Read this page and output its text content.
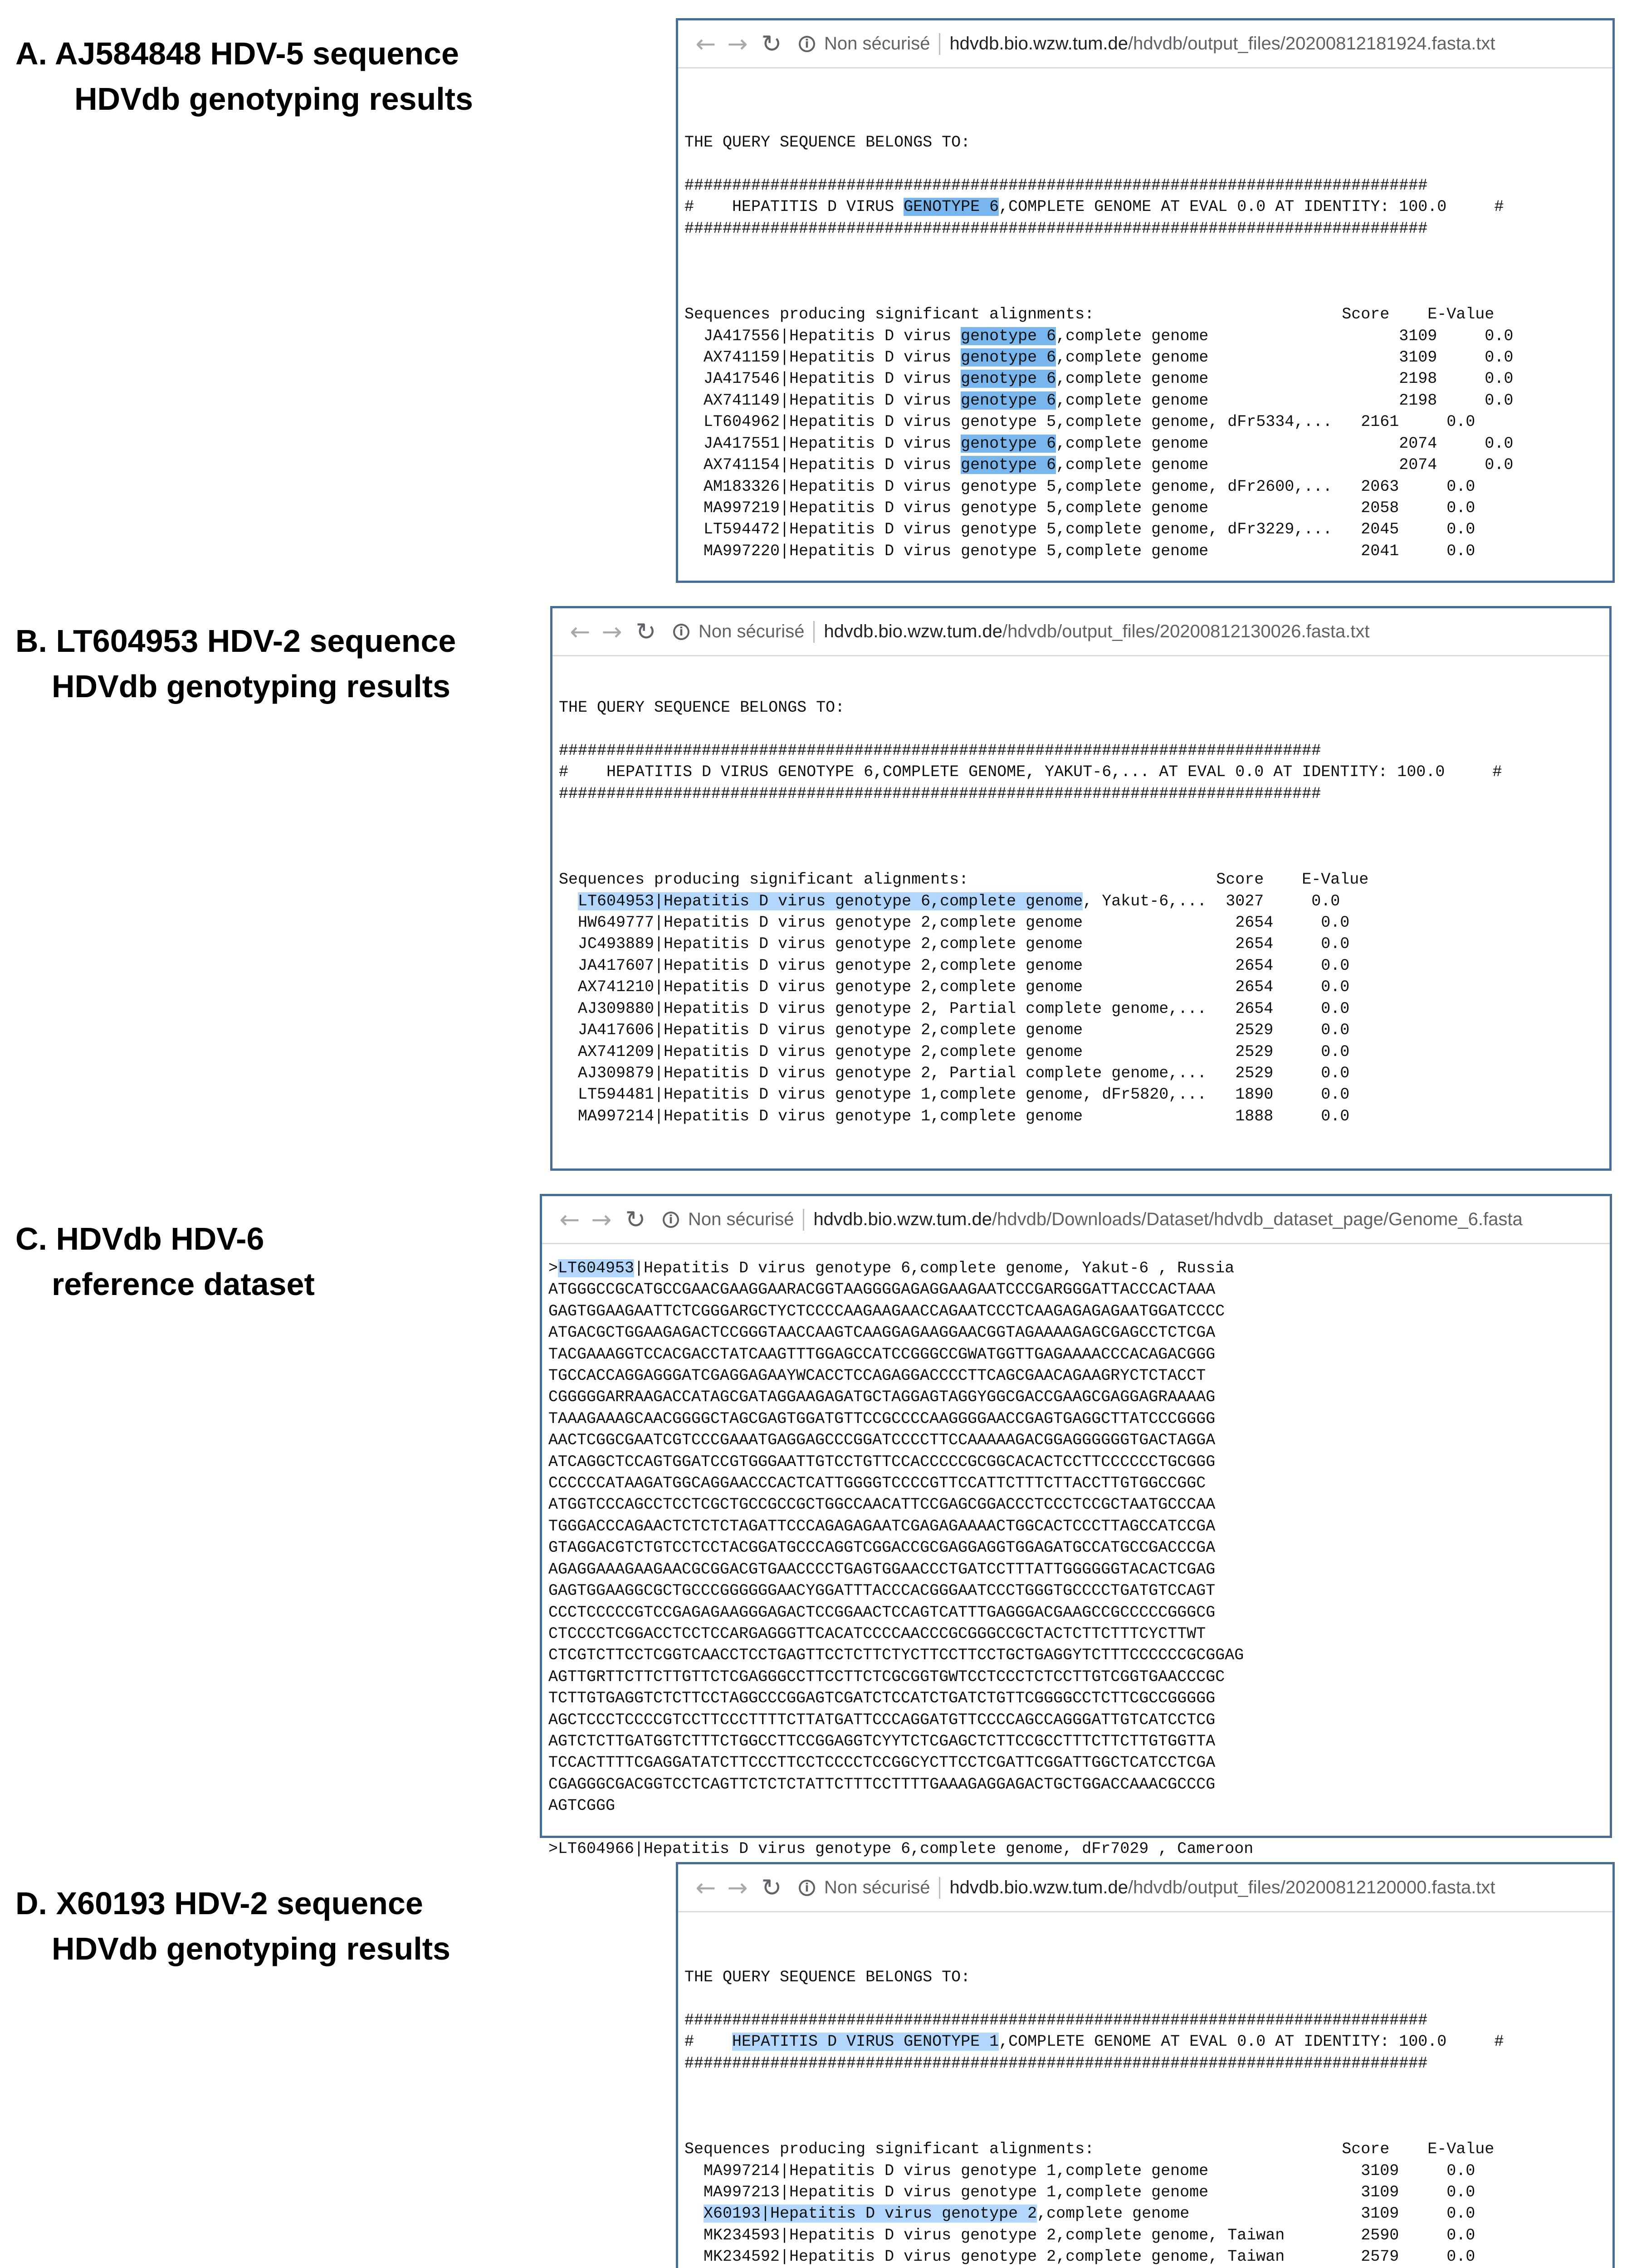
A. AJ584848 HDV-5 sequence
HDVdb genotyping results
← → ↻	i Non sécurisé hdvdb.bio.wzw.tum.de /hdvdb/output_files/20200812181924.fasta.txt
THE QUERY SEQUENCE BELONGS TO:

##############################################################################
#    HEPATITIS D VIRUS GENOTYPE 6,COMPLETE GENOME AT EVAL 0.0 AT IDENTITY: 100.0     #
##############################################################################

Sequences producing significant alignments:                          Score    E-Value
JA417556|Hepatitis D virus genotype 6,complete genome                    3109     0.0
AX741159|Hepatitis D virus genotype 6,complete genome                    3109     0.0
JA417546|Hepatitis D virus genotype 6,complete genome                    2198     0.0
AX741149|Hepatitis D virus genotype 6,complete genome                    2198     0.0
LT604962|Hepatitis D virus genotype 5,complete genome, dFr5334,...   2161     0.0
JA417551|Hepatitis D virus genotype 6,complete genome                    2074     0.0
AX741154|Hepatitis D virus genotype 6,complete genome                    2074     0.0
AM183326|Hepatitis D virus genotype 5,complete genome, dFr2600,...   2063     0.0
MA997219|Hepatitis D virus genotype 5,complete genome                2058     0.0
LT594472|Hepatitis D virus genotype 5,complete genome, dFr3229,...   2045     0.0
MA997220|Hepatitis D virus genotype 5,complete genome                2041     0.0
B. LT604953 HDV-2 sequence
HDVdb genotyping results
← → ↻	i Non sécurisé hdvdb.bio.wzw.tum.de /hdvdb/output_files/20200812130026.fasta.txt
THE QUERY SEQUENCE BELONGS TO:

################################################################################
#    HEPATITIS D VIRUS GENOTYPE 6,COMPLETE GENOME, YAKUT-6,... AT EVAL 0.0 AT IDENTITY: 100.0     #
################################################################################

Sequences producing significant alignments:                          Score    E-Value
LT604953|Hepatitis D virus genotype 6,complete genome, Yakut-6,...  3027     0.0
HW649777|Hepatitis D virus genotype 2,complete genome                2654     0.0
JC493889|Hepatitis D virus genotype 2,complete genome                2654     0.0
JA417607|Hepatitis D virus genotype 2,complete genome                2654     0.0
AX741210|Hepatitis D virus genotype 2,complete genome                2654     0.0
AJ309880|Hepatitis D virus genotype 2, Partial complete genome,...   2654     0.0
JA417606|Hepatitis D virus genotype 2,complete genome                2529     0.0
AX741209|Hepatitis D virus genotype 2,complete genome                2529     0.0
AJ309879|Hepatitis D virus genotype 2, Partial complete genome,...   2529     0.0
LT594481|Hepatitis D virus genotype 1,complete genome, dFr5820,...   1890     0.0
MA997214|Hepatitis D virus genotype 1,complete genome                1888     0.0
C. HDVdb HDV-6
reference dataset
← → ↻	i Non sécurisé hdvdb.bio.wzw.tum.de /hdvdb/Downloads/Dataset/hdvdb_dataset_page/Genome_6.fasta
>LT604953|Hepatitis D virus genotype 6,complete genome, Yakut-6 , Russia
ATGGGCCGCATGCCGAACGAAGGAARACGGTAAGGGGAGAGGAAGAATCCCGARGGGATTACCCACTAAA
GAGTGGAAGAATTCTCGGGARGCTYCTCCCCAAGAAGAACCAGAATCCCTCAAGAGAGAGAATGGATCCCC
ATGACGCTGGAAGAGACTCCGGGTAACCAAGTCAAGGAGAAGGAACGGTAGAAAAGAGCGAGCCTCTCGA
TACGAAAGGTCCACGACCTATCAAGTTTGGAGCCATCCGGGCCGWATGGTTGAGAAAACCCACAGACGGG
TGCCACCAGGAGGGATCGAGGAGAAYWCACCTCCAGAGGACCCCTTCAGCGAACAGAAGRYCTCTACCT
CGGGGGARRAAGACCATAGCGATAGGAAGAGATGCTAGGAGTAGGYGGCGACCGAAGCGAGGAGRAAAAG
TAAAGAAAGCAACGGGGCTAGCGAGTGGATGTTCCGCCCCAAGGGGAACCGAGTGAGGCTTATCCCGGGG
AACTCGGCGAATCGTCCCGAAATGAGGAGCCCGGATCCCCTTCCAAAAAGACGGAGGGGGGTGACTAGGA
ATCAGGCTCCAGTGGATCCGTGGGAATTGTCCTGTTCCACCCCCGCGGCACACTCCTTCCCCCCTGCGGG
CCCCCCATAAGATGGCAGGAACCCACTCATTGGGGTCCCCGTTCCATTCTTTCTTACCTTGTGGCCGGC
ATGGTCCCAGCCTCCTCGCTGCCGCCGCTGGCCAACATTCCGAGCGGACCCTCCCTCCGCTAATGCCCAA
TGGGACCCAGAACTCTCTCTAGATTCCCAGAGAGAATCGAGAGAAAACTGGCACTCCCTTAGCCATCCGA
GTAGGACGTCTGTCCTCCTACGGATGCCCAGGTCGGACCGCGAGGAGGTGGAGATGCCATGCCGACCCGA
AGAGGAAAGAAGAACGCGGACGTGAACCCCTGAGTGGAACCCTGATCCTTTATTGGGGGGTACACTCGAG
GAGTGGAAGGCGCTGCCCGGGGGGAACYGGATTTACCCACGGGAATCCCTGGGTGCCCCTGATGTCCAGT
CCCTCCCCCGTCCGAGAGAAGGGAGACTCCGGAACTCCAGTCATTTGAGGGACGAAGCCGCCCCCGGGCG
CTCCCCTCGGACCTCCTCCARGAGGGTTCACATCCCCAACCCGCGGGCCGCTACTCTTCTTTCYCTTWT
CTCGTCTTCCTCGGTCAACCTCCTGAGTTCCTCTTCTYCTTCCTTCCTGCTGAGGYTCTTTCCCCCCGCGGAG
AGTTGRTTCTTCTTGTTCTCGAGGGCCTTCCTTCTCGCGGTGWTCCTCCCTCTCCTTGTCGGTGAACCCGC
TCTTGTGAGGTCTCTTCCTAGGCCCGGAGTCGATCTCCATCTGATCTGTTCGGGGCCTCTTCGCCGGGGG
AGCTCCCTCCCCGTCCTTCCCTTTTCTTATGATTCCCAGGATGTTCCCCAGCCAGGGATTGTCATCCTCG
AGTCTCTTGATGGTCTTTCTGGCCTTCCGGAGGTCYYTCTCGAGCTCTTCCGCCTTTCTTCTTGTGGTTA
TCCACTTTTCGAGGATATCTTCCCTTCCTCCCCTCCGGCYCTTCCTCGATTCGGATTGGCTCATCCTCGA
CGAGGGCGACGGTCCTCAGTTCTCTCTATTCTTTCCTTTTGAAAGAGGAGACTGCTGGACCAAACGCCCG
AGTCGGG

>LT604966|Hepatitis D virus genotype 6,complete genome, dFr7029 , Cameroon
D. X60193 HDV-2 sequence
HDVdb genotyping results
← → ↻	i Non sécurisé hdvdb.bio.wzw.tum.de /hdvdb/output_files/20200812120000.fasta.txt
THE QUERY SEQUENCE BELONGS TO:

##############################################################################
#    HEPATITIS D VIRUS GENOTYPE 1,COMPLETE GENOME AT EVAL 0.0 AT IDENTITY: 100.0     #
##############################################################################

Sequences producing significant alignments:                          Score    E-Value
MA997214|Hepatitis D virus genotype 1,complete genome                3109     0.0
MA997213|Hepatitis D virus genotype 1,complete genome                3109     0.0
X60193|Hepatitis D virus genotype 2,complete genome                  3109     0.0
MK234593|Hepatitis D virus genotype 2,complete genome, Taiwan        2590     0.0
MK234592|Hepatitis D virus genotype 2,complete genome, Taiwan        2579     0.0
